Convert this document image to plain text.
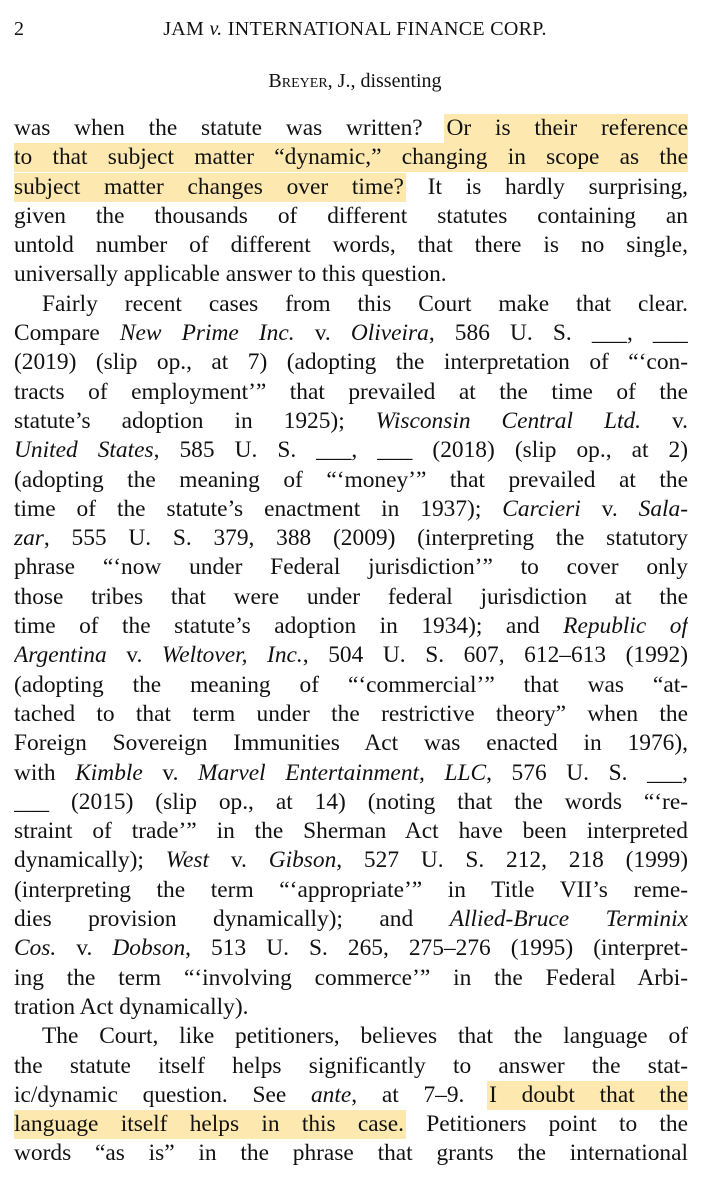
2	JAM v. INTERNATIONAL FINANCE CORP.
Breyer, J., dissenting
was when the statute was written? Or is their reference
to that subject matter “dynamic,” changing in scope as the
subject matter changes over time? It is hardly surprising,
given the thousands of different statutes containing an
untold number of different words, that there is no single,
universally applicable answer to this question.
Fairly recent cases from this Court make that clear.
Compare New Prime Inc. v. Oliveira, 586 U. S. ___, ___
(2019) (slip op., at 7) (adopting the interpretation of “‘con-
tracts of employment’” that prevailed at the time of the
statute’s adoption in 1925); Wisconsin Central Ltd. v.
United States, 585 U. S. ___, ___ (2018) (slip op., at 2)
(adopting the meaning of “‘money’” that prevailed at the
time of the statute’s enactment in 1937); Carcieri v. Sala-
zar, 555 U. S. 379, 388 (2009) (interpreting the statutory
phrase “‘now under Federal jurisdiction’” to cover only
those tribes that were under federal jurisdiction at the
time of the statute’s adoption in 1934); and Republic of
Argentina v. Weltover, Inc., 504 U. S. 607, 612–613 (1992)
(adopting the meaning of “‘commercial’” that was “at-
tached to that term under the restrictive theory” when the
Foreign Sovereign Immunities Act was enacted in 1976),
with Kimble v. Marvel Entertainment, LLC, 576 U. S. ___,
___ (2015) (slip op., at 14) (noting that the words “‘re-
straint of trade’” in the Sherman Act have been interpreted
dynamically); West v. Gibson, 527 U. S. 212, 218 (1999)
(interpreting the term “‘appropriate’” in Title VII’s reme-
dies provision dynamically); and Allied-Bruce Terminix
Cos. v. Dobson, 513 U. S. 265, 275–276 (1995) (interpret-
ing the term “‘involving commerce’” in the Federal Arbi-
tration Act dynamically).
The Court, like petitioners, believes that the language of
the statute itself helps significantly to answer the stat-
ic/dynamic question. See ante, at 7–9. I doubt that the
language itself helps in this case. Petitioners point to the
words “as is” in the phrase that grants the international
